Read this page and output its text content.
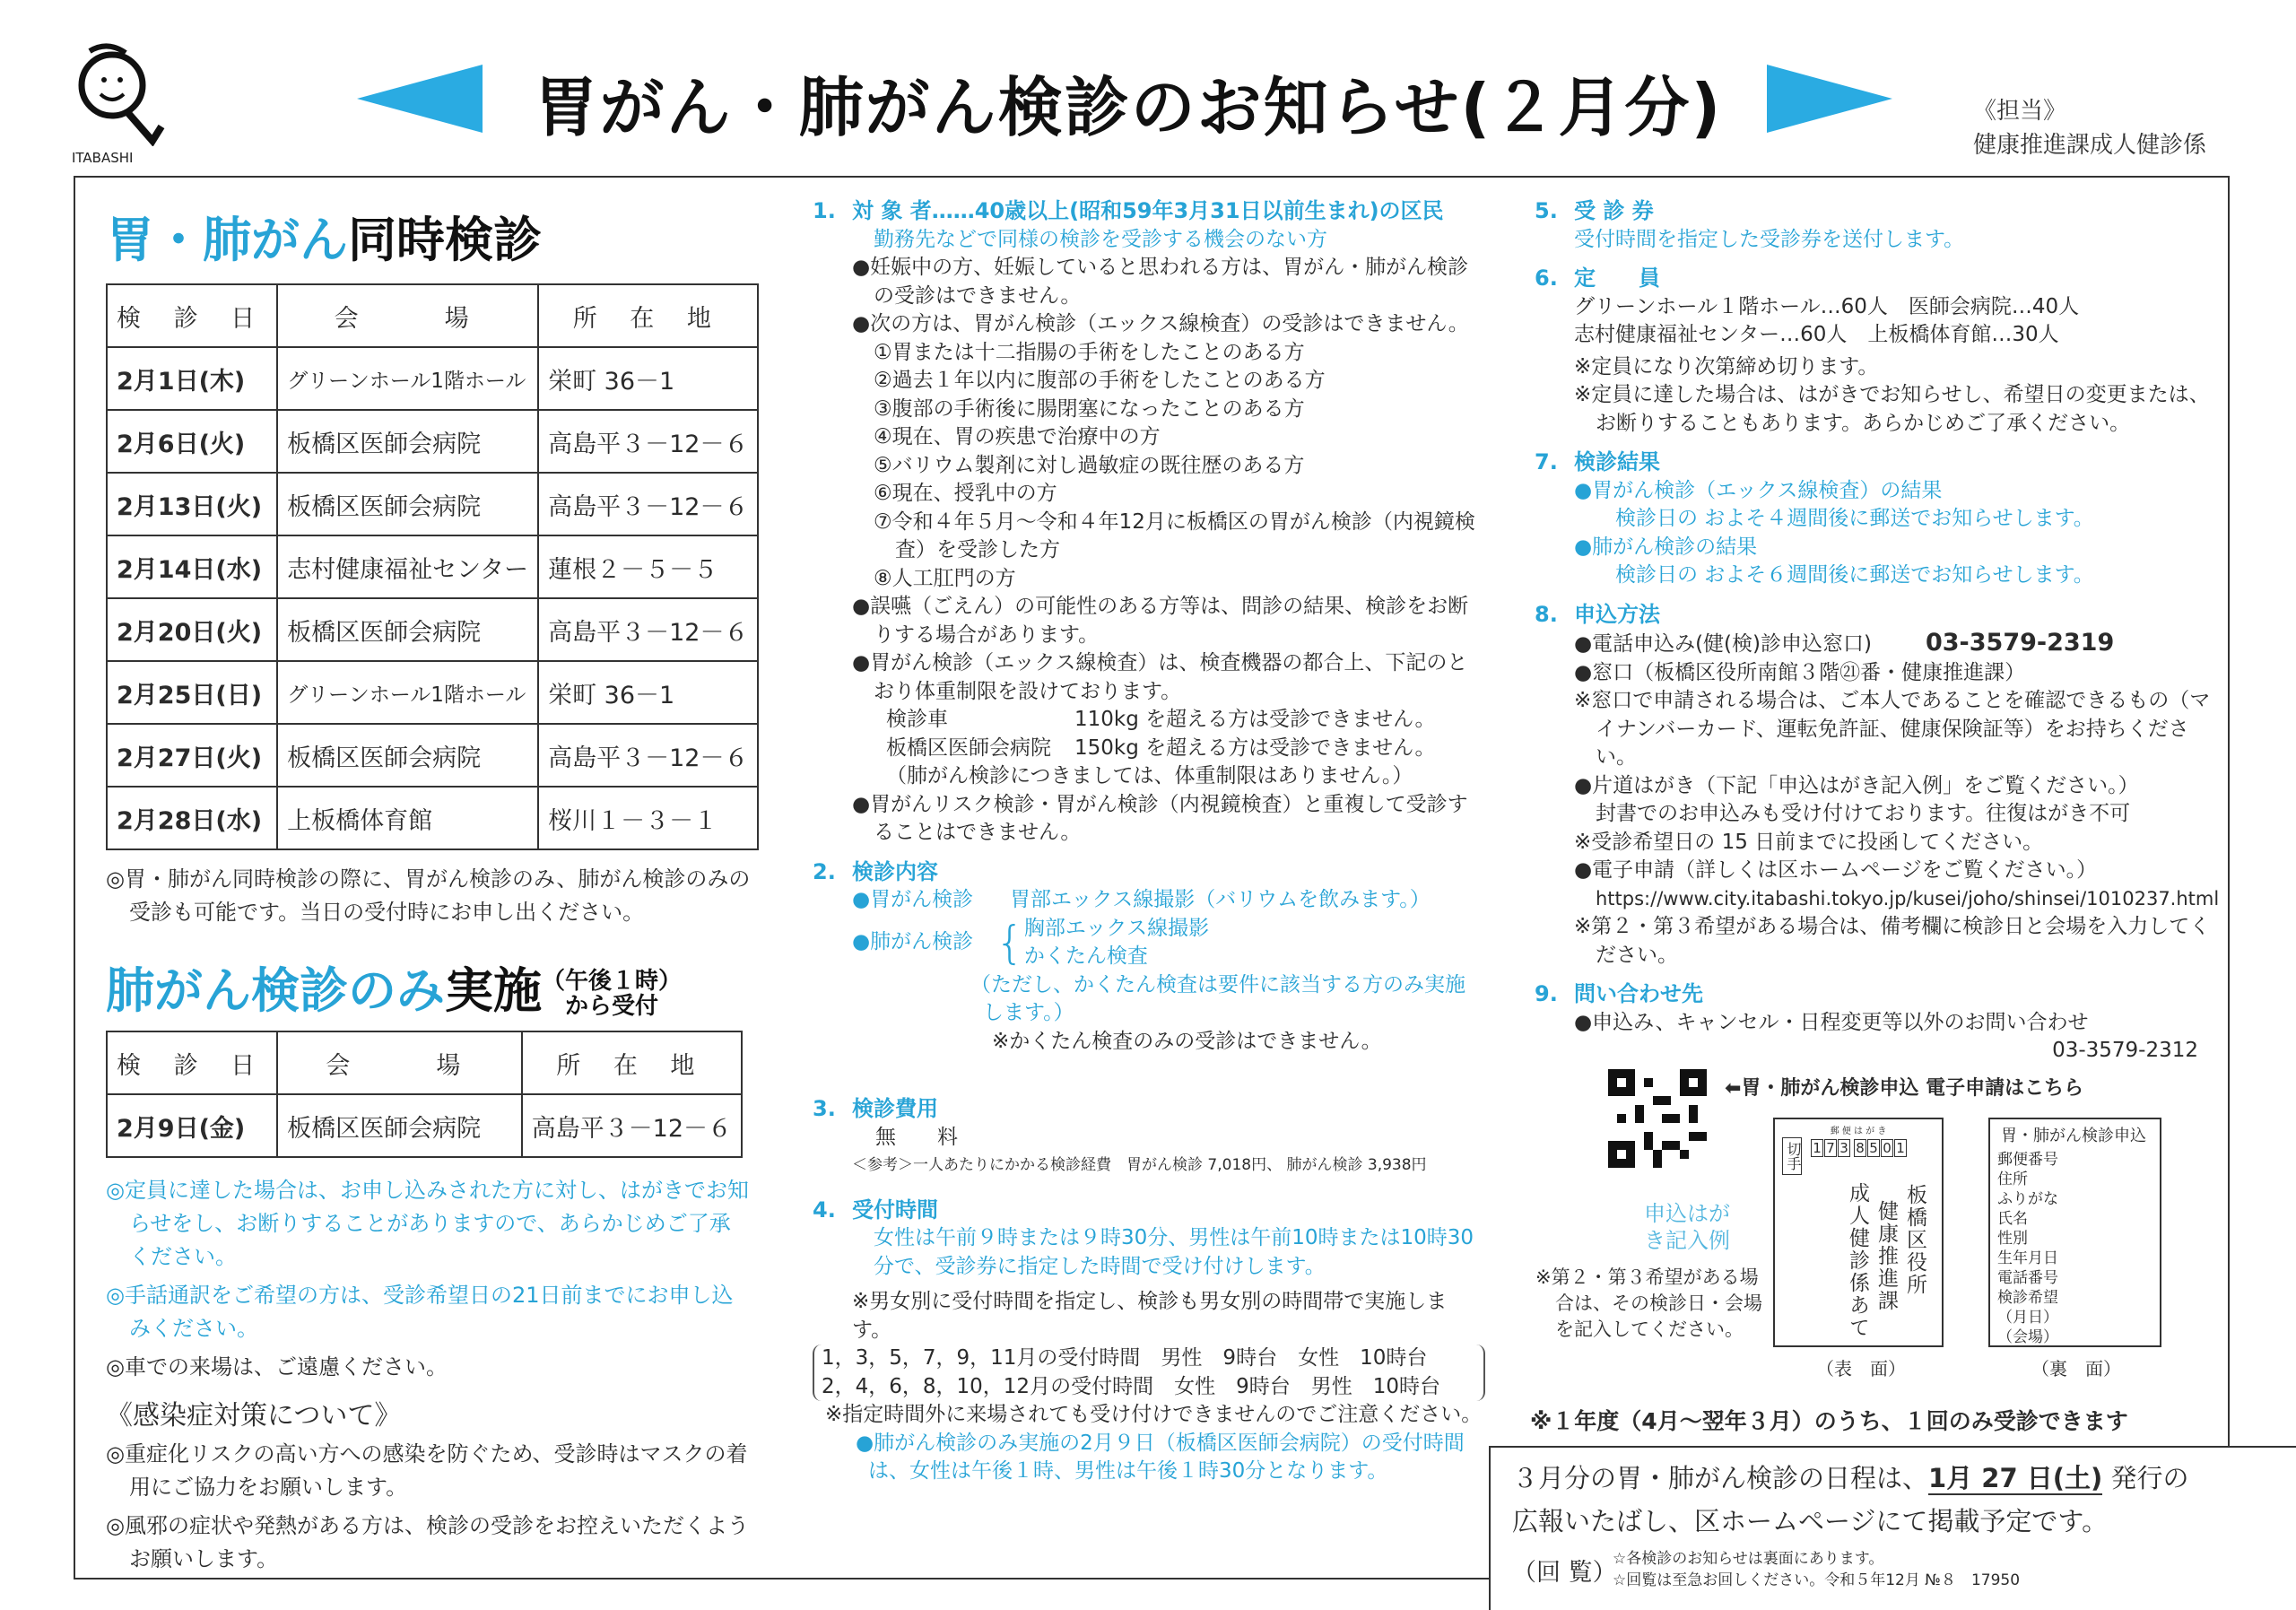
ITABASHI
胃がん・肺がん検診のお知らせ(２月分)	《担当》
健康推進課成人健診係
胃・肺がん同時検診
検 診 日	会　　場	所 在 地
2月1日(木)	グリーンホール1階ホール	栄町 36－1
2月6日(火)	板橋区医師会病院	高島平３－12－６
2月13日(火)	板橋区医師会病院	高島平３－12－６
2月14日(水)	志村健康福祉センター	蓮根２－５－５
2月20日(火)	板橋区医師会病院	高島平３－12－６
2月25日(日)	グリーンホール1階ホール	栄町 36－1
2月27日(火)	板橋区医師会病院	高島平３－12－６
2月28日(水)	上板橋体育館	桜川１－３－１
◎胃・肺がん同時検診の際に、胃がん検診のみ、肺がん検診のみの受診も可能です。当日の受付時にお申し出ください。
肺がん検診のみ実施（午後１時）
　から受付
検 診 日	会　　場	所 在 地
2月9日(金)	板橋区医師会病院	高島平３－12－６
◎定員に達した場合は、お申し込みされた方に対し、はがきでお知らせをし、お断りすることがありますので、あらかじめご了承ください。
◎手話通訳をご希望の方は、受診希望日の21日前までにお申し込みください。
◎車での来場は、ご遠慮ください。
《感染症対策について》
◎重症化リスクの高い方への感染を防ぐため、受診時はマスクの着用にご協力をお願いします。
◎風邪の症状や発熱がある方は、検診の受診をお控えいただくようお願いします。
1. 対 象 者……40歳以上(昭和59年3月31日以前生まれ)の区民
勤務先などで同様の検診を受診する機会のない方
●妊娠中の方、妊娠していると思われる方は、胃がん・肺がん検診の受診はできません。
●次の方は、胃がん検診（エックス線検査）の受診はできません。
①胃または十二指腸の手術をしたことのある方
②過去１年以内に腹部の手術をしたことのある方
③腹部の手術後に腸閉塞になったことのある方
④現在、胃の疾患で治療中の方
⑤バリウム製剤に対し過敏症の既往歴のある方
⑥現在、授乳中の方
⑦令和４年５月～令和４年12月に板橋区の胃がん検診（内視鏡検査）を受診した方
⑧人工肛門の方
●誤嚥（ごえん）の可能性のある方等は、問診の結果、検診をお断りする場合があります。
●胃がん検診（エックス線検査）は、検査機器の都合上、下記のとおり体重制限を設けております。
検診車	110kg を超える方は受診できません。
板橋区医師会病院	150kg を超える方は受診できません。
（肺がん検診につきましては、体重制限はありません。）
●胃がんリスク検診・胃がん検診（内視鏡検査）と重複して受診することはできません。
2. 検診内容
●胃がん検診	胃部エックス線撮影（バリウムを飲みます。）
●肺がん検診 { 胸部エックス線撮影
かくたん検査
（ただし、かくたん検査は要件に該当する方のみ実施します。）
※かくたん検査のみの受診はできません。
3. 検診費用
無　　料
＜参考＞一人あたりにかかる検診経費　胃がん検診 7,018円、 肺がん検診 3,938円
4. 受付時間
女性は午前９時または９時30分、男性は午前10時または10時30分で、受診券に指定した時間で受け付けします。
※男女別に受付時間を指定し、検診も男女別の時間帯で実施します。
1，3，5，7，9，11月の受付時間　男性　9時台　女性　10時台
2，4，6，8，10，12月の受付時間　女性　9時台　男性　10時台
※指定時間外に来場されても受け付けできませんのでご注意ください。
●肺がん検診のみ実施の2月９日（板橋区医師会病院）の受付時間は、女性は午後１時、男性は午後１時30分となります。
5. 受 診 券
受付時間を指定した受診券を送付します。
6. 定　　員
グリーンホール１階ホール…60人　医師会病院…40人
志村健康福祉センター…60人　上板橋体育館…30人
※定員になり次第締め切ります。
※定員に達した場合は、はがきでお知らせし、希望日の変更または、お断りすることもあります。あらかじめご了承ください。
7. 検診結果
●胃がん検診（エックス線検査）の結果
検診日の およそ４週間後に郵送でお知らせします。
●肺がん検診の結果
検診日の およそ６週間後に郵送でお知らせします。
8. 申込方法
●電話申込み(健(検)診申込窓口) 03-3579-2319
●窓口（板橋区役所南館３階㉑番・健康推進課）
※窓口で申請される場合は、ご本人であることを確認できるもの（マイナンバーカード、運転免許証、健康保険証等）をお持ちください。
●片道はがき（下記「申込はがき記入例」をご覧ください。）
封書でのお申込みも受け付けております。往復はがき不可
※受診希望日の 15 日前までに投函してください。
●電子申請（詳しくは区ホームページをご覧ください。）
https://www.city.itabashi.tokyo.jp/kusei/joho/shinsei/1010237.html
※第２・第３希望がある場合は、備考欄に検診日と会場を入力してください。
9. 問い合わせ先
●申込み、キャンセル・日程変更等以外のお問い合わせ
03-3579-2312
⬅胃・肺がん検診申込 電子申請はこちら
申込はがき記入例
※第２・第３希望がある場合は、その検診日・会場を記入してください。
郵 便 は が き
切手 1 7 3 8 5 0 1
板橋区役所
健康推進課
成人健診係あて
（表　面）
胃・肺がん検診申込
郵便番号
住所
ふりがな
氏名
性別
生年月日
電話番号
検診希望
（月日）
（会場）
（裏　面）
※１年度（4月～翌年３月）のうち、１回のみ受診できます
３月分の胃・肺がん検診の日程は、1月 27 日(土) 発行の
広報いたばし、区ホームページにて掲載予定です。
（回 覧）
☆各検診のお知らせは裏面にあります。
☆回覧は至急お回しください。令和５年12月 №８　17950
